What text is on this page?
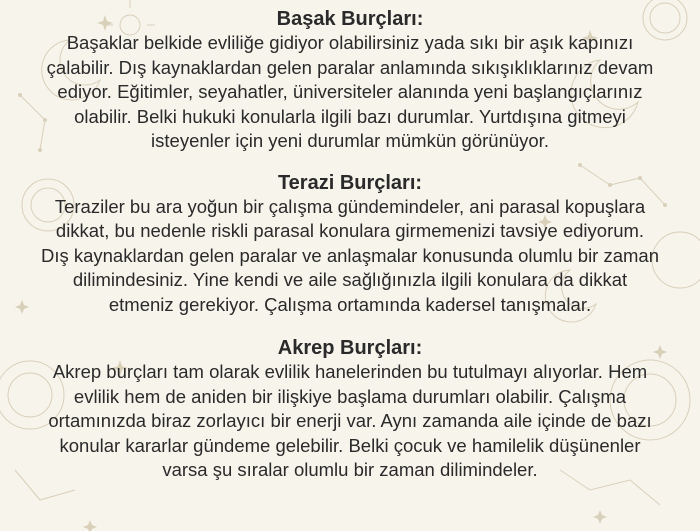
Başak Burçları:

Başaklar belkide evliliğe gidiyor olabilirsiniz yada sıkı bir aşık kapınızı
çalabilir. Dış kaynaklardan gelen paralar anlamında sıkışıklıklarınız devam
ediyor. Eğitimler, seyahatler, üniversiteler alanında yeni başlangıçlarınız
olabilir. Belki hukuki konularla ilgili bazı durumlar. Yurtdışına gitmeyi
isteyenler için yeni durumlar mümkün görünüyor.

Terazi Burçları:

Teraziler bu ara yoğun bir çalışma gündemindeler, ani parasal kopuşlara
dikkat, bu nedenle riskli parasal konulara girmemenizi tavsiye ediyorum.
Dış kaynaklardan gelen paralar ve anlaşmalar konusunda olumlu bir zaman
dilimindesiniz. Yine kendi ve aile sağlığınızla ilgili konulara da dikkat
etmeniz gerekiyor. Çalışma ortamında kadersel tanışmalar.

Akrep Burçları:

Akrep burçları tam olarak evlilik hanelerinden bu tutulmayı alıyorlar. Hem
evlilik hem de aniden bir ilişkiye başlama durumları olabilir. Çalışma
ortamınızda biraz zorlayıcı bir enerji var. Aynı zamanda aile içinde de bazı
konular kararlar gündeme gelebilir. Belki çocuk ve hamilelik düşünenler
varsa şu sıralar olumlu bir zaman dilimindeler.
